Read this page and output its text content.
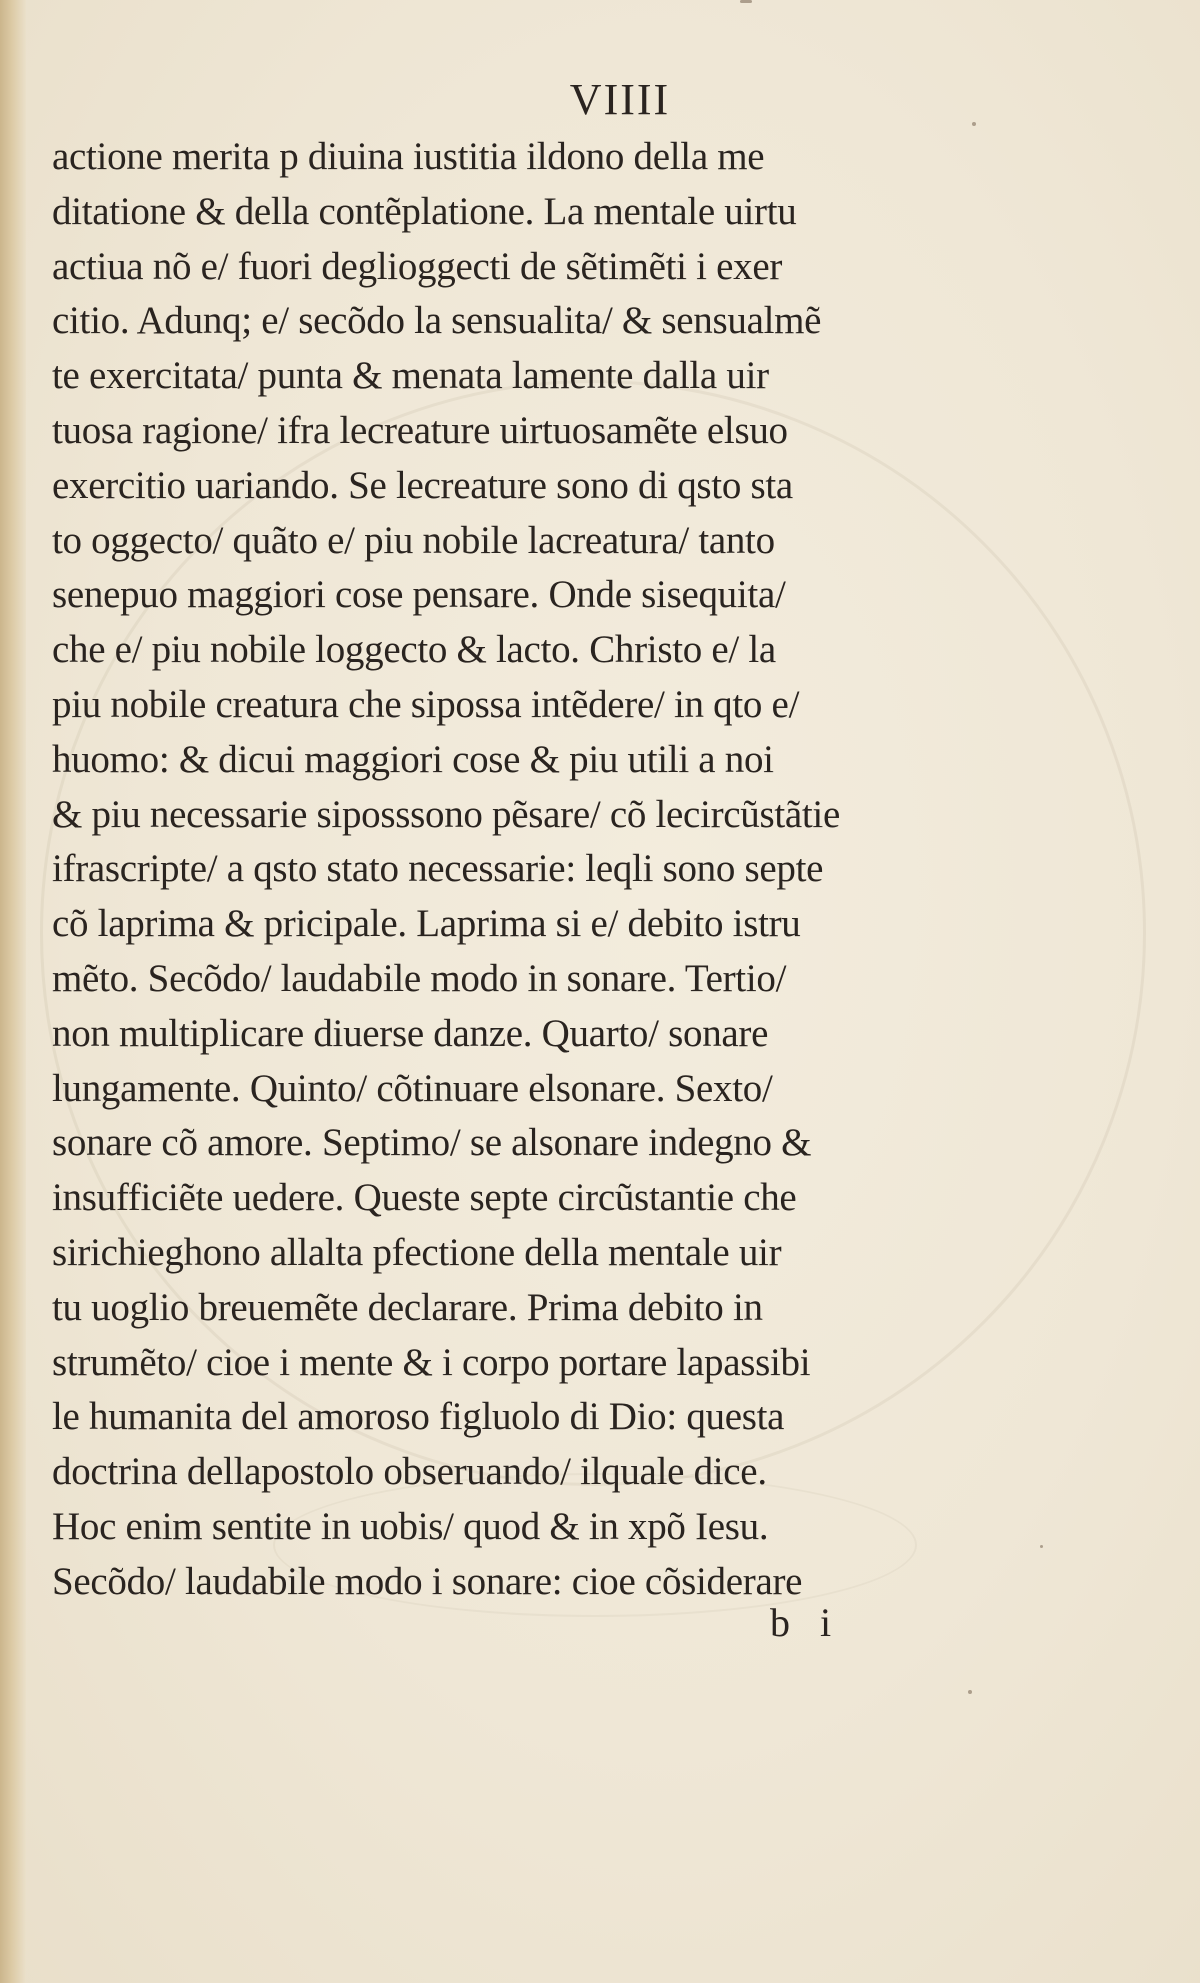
VIIII
actione merita p diuina iustitia ildono della me
ditatione & della contẽplatione. La mentale uirtu
actiua nõ e/ fuori deglioggecti de sẽtimẽti i exer
citio. Adunq; e/ secõdo la sensualita/ & sensualmẽ
te exercitata/ punta & menata lamente dalla uir
tuosa ragione/ ifra lecreature uirtuosamẽte elsuo
exercitio uariando. Se lecreature sono di qsto sta
to oggecto/ quãto e/ piu nobile lacreatura/ tanto
senepuo maggiori cose pensare. Onde sisequita/
che e/ piu nobile loggecto & lacto. Christo e/ la
piu nobile creatura che sipossa intẽdere/ in qto e/
huomo: & dicui maggiori cose & piu utili a noi
& piu necessarie siposssono pẽsare/ cõ lecircũstãtie
ifrascripte/ a qsto stato necessarie: leqli sono septe
cõ laprima & pricipale. Laprima si e/ debito istru
mẽto. Secõdo/ laudabile modo in sonare. Tertio/
non multiplicare diuerse danze. Quarto/ sonare
lungamente. Quinto/ cõtinuare elsonare. Sexto/
sonare cõ amore. Septimo/ se alsonare indegno &
insufficiẽte uedere. Queste septe circũstantie che
sirichieghono allalta pfectione della mentale uir
tu uoglio breuemẽte declarare. Prima debito in
strumẽto/ cioe i mente & i corpo portare lapassibi
le humanita del amoroso figluolo di Dio: questa
doctrina dellapostolo obseruando/ ilquale dice.
Hoc enim sentite in uobis/ quod & in xpõ Iesu.
Secõdo/ laudabile modo i sonare: cioe cõsiderare
b i
